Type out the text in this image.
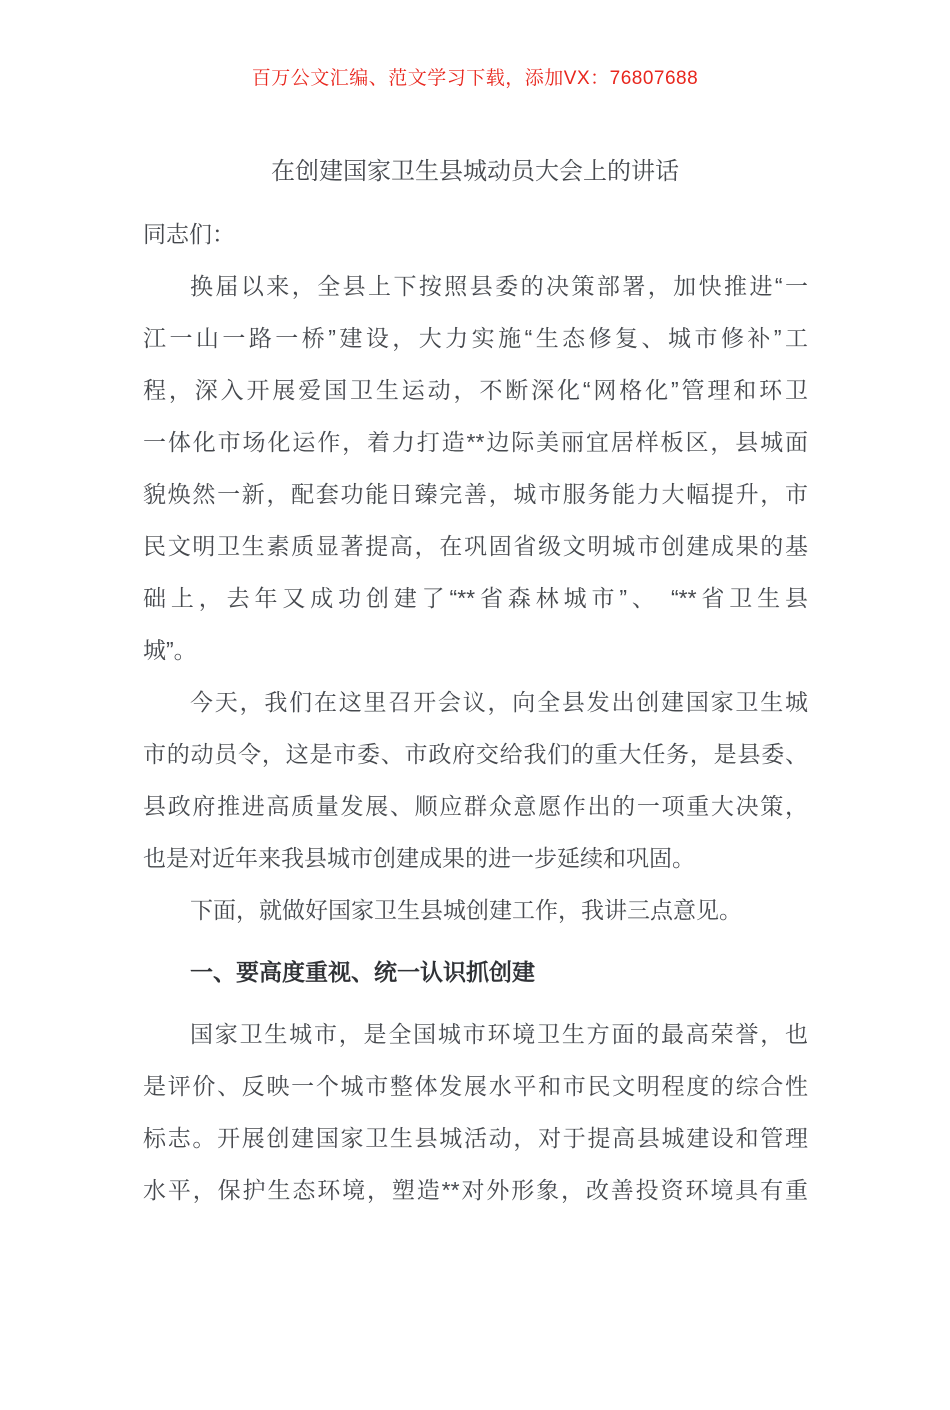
百万公文汇编、范文学习下载，添加VX：76807688
在创建国家卫生县城动员大会上的讲话
同志们：
换届以来，全县上下按照县委的决策部署，加快推进“一
江一山一路一桥”建设，大力实施“生态修复、城市修补”工
程，深入开展爱国卫生运动，不断深化“网格化”管理和环卫
一体化市场化运作，着力打造**边际美丽宜居样板区，县城面
貌焕然一新，配套功能日臻完善，城市服务能力大幅提升，市
民文明卫生素质显著提高，在巩固省级文明城市创建成果的基
础上，去年又成功创建了“**省森林城市”、 “**省卫生县
城”。
今天，我们在这里召开会议，向全县发出创建国家卫生城
市的动员令，这是市委、市政府交给我们的重大任务，是县委、
县政府推进高质量发展、顺应群众意愿作出的一项重大决策，
也是对近年来我县城市创建成果的进一步延续和巩固。
下面，就做好国家卫生县城创建工作，我讲三点意见。
一、要高度重视、统一认识抓创建
国家卫生城市，是全国城市环境卫生方面的最高荣誉，也
是评价、反映一个城市整体发展水平和市民文明程度的综合性
标志。开展创建国家卫生县城活动，对于提高县城建设和管理
水平，保护生态环境，塑造**对外形象，改善投资环境具有重
